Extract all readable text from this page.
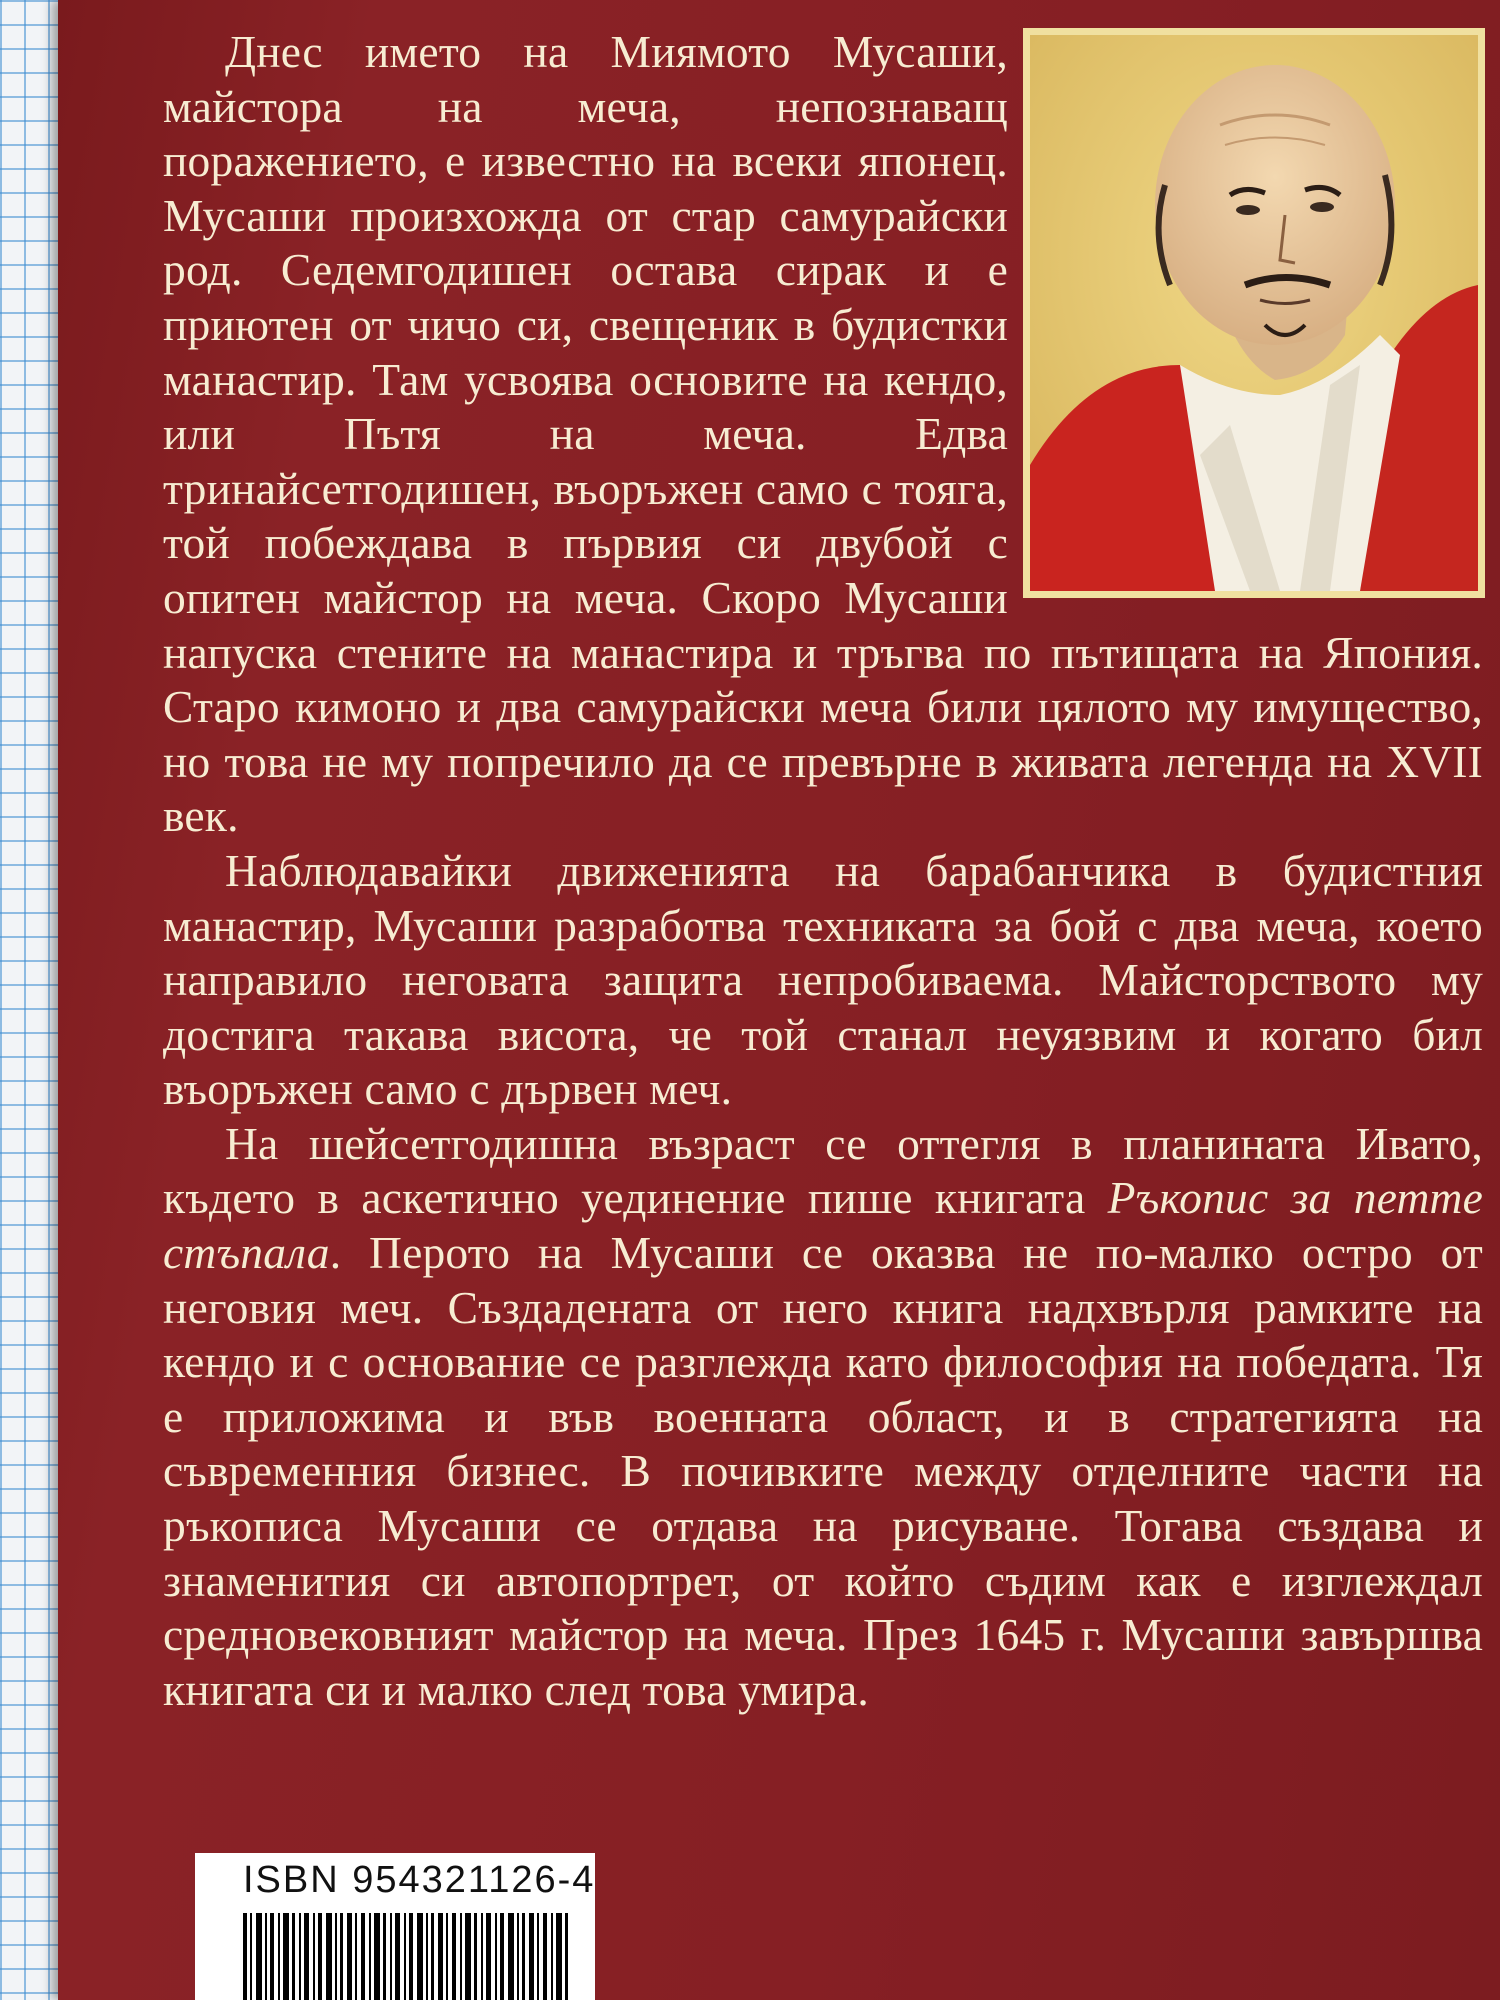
Днес името на Миямото Мусаши, майстора на меча, непознаващ поражението, е известно на всеки японец. Мусаши произхожда от стар самурайски род. Седемгодишен остава сирак и е приютен от чичо си, свещеник в будистки манастир. Там усвоява основите на кендо, или Пътя на меча. Едва тринайсетгодишен, въоръжен само с тояга, той побеждава в първия си двубой с опитен майстор на меча. Скоро Мусаши напуска стените на манастира и тръгва по пътищата на Япония. Старо кимоно и два самурайски меча били цялото му имущество, но това не му попречило да се превърне в живата легенда на XVII век.

Наблюдавайки движенията на барабанчика в будистния манастир, Мусаши разработва техниката за бой с два меча, което направило неговата защита непробиваема. Майсторството му достига такава висота, че той станал неуязвим и когато бил въоръжен само с дървен меч.

На шейсетгодишна възраст се оттегля в планината Ивато, където в аскетично уединение пише книгата Ръкопис за петте стъпала. Перото на Мусаши се оказва не по-малко остро от неговия меч. Създадената от него книга надхвърля рамките на кендо и с основание се разглежда като философия на победата. Тя е приложима и във военната област, и в стратегията на съвременния бизнес. В почивките между отделните части на ръкописа Мусаши се отдава на рисуване. Тогава създава и знаменития си автопортрет, от който съдим как е изглеждал средновековният майстор на меча. През 1645 г. Мусаши завършва книгата си и малко след това умира.

ISBN 954321126-4
